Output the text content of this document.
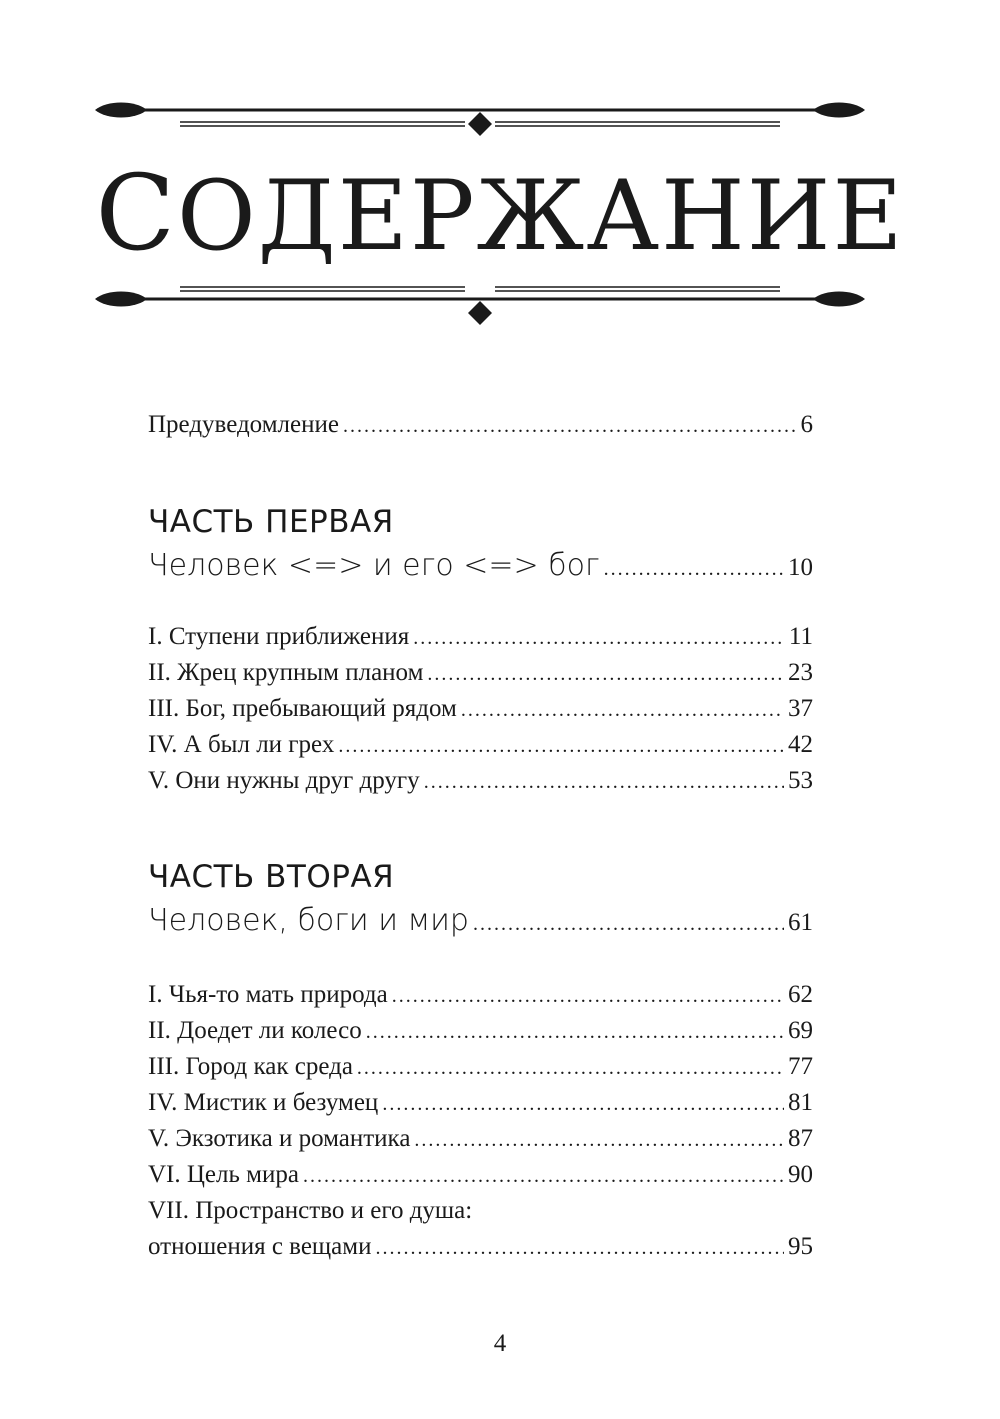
СОДЕРЖАНИЕ
Предуведомление .....	6
ЧАСТЬ ПЕРВАЯ
Человек <=> и его <=> бог .....	10
I. Ступени приближения .....	11
II. Жрец крупным планом .....	23
III. Бог, пребывающий рядом .....	37
IV. А был ли грех .....	42
V. Они нужны друг другу .....	53
ЧАСТЬ ВТОРАЯ
Человек, боги и мир .....	61
I. Чья-то мать природа .....	62
II. Доедет ли колесо .....	69
III. Город как среда .....	77
IV. Мистик и безумец .....	81
V. Экзотика и романтика .....	87
VI. Цель мира .....	90
VII. Пространство и его душа:
отношения с вещами .....	95
4
